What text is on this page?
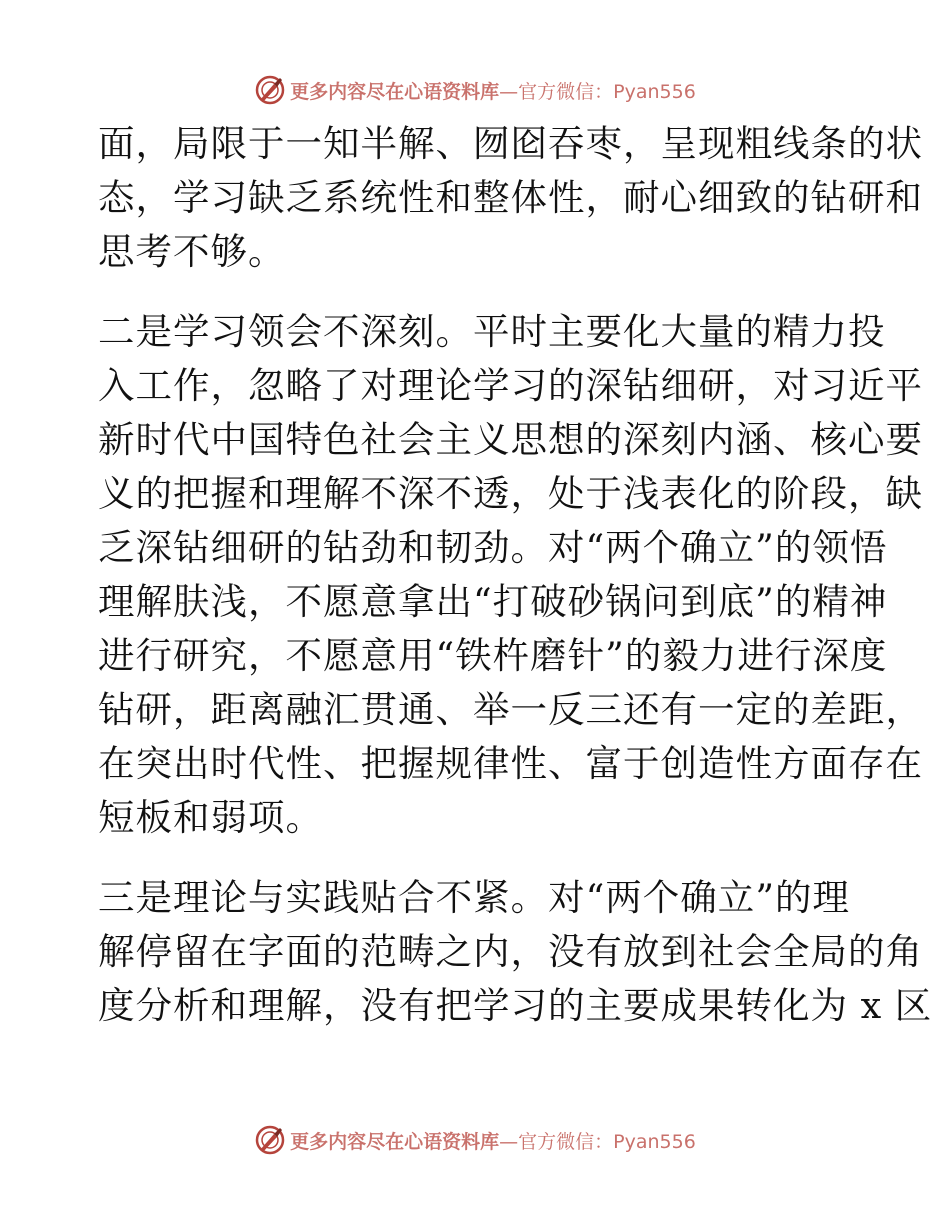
更多内容尽在心语资料库—官方微信：Pyan556

面，局限于一知半解、囫囵吞枣，呈现粗线条的状
态，学习缺乏系统性和整体性，耐心细致的钻研和
思考不够。

二是学习领会不深刻。平时主要化大量的精力投
入工作，忽略了对理论学习的深钻细研，对习近平
新时代中国特色社会主义思想的深刻内涵、核心要
义的把握和理解不深不透，处于浅表化的阶段，缺
乏深钻细研的钻劲和韧劲。对“两个确立”的领悟
理解肤浅，不愿意拿出“打破砂锅问到底”的精神
进行研究，不愿意用“铁杵磨针”的毅力进行深度
钻研，距离融汇贯通、举一反三还有一定的差距，
在突出时代性、把握规律性、富于创造性方面存在
短板和弱项。

三是理论与实践贴合不紧。对“两个确立”的理
解停留在字面的范畴之内，没有放到社会全局的角
度分析和理解，没有把学习的主要成果转化为 x 区

更多内容尽在心语资料库—官方微信：Pyan556
